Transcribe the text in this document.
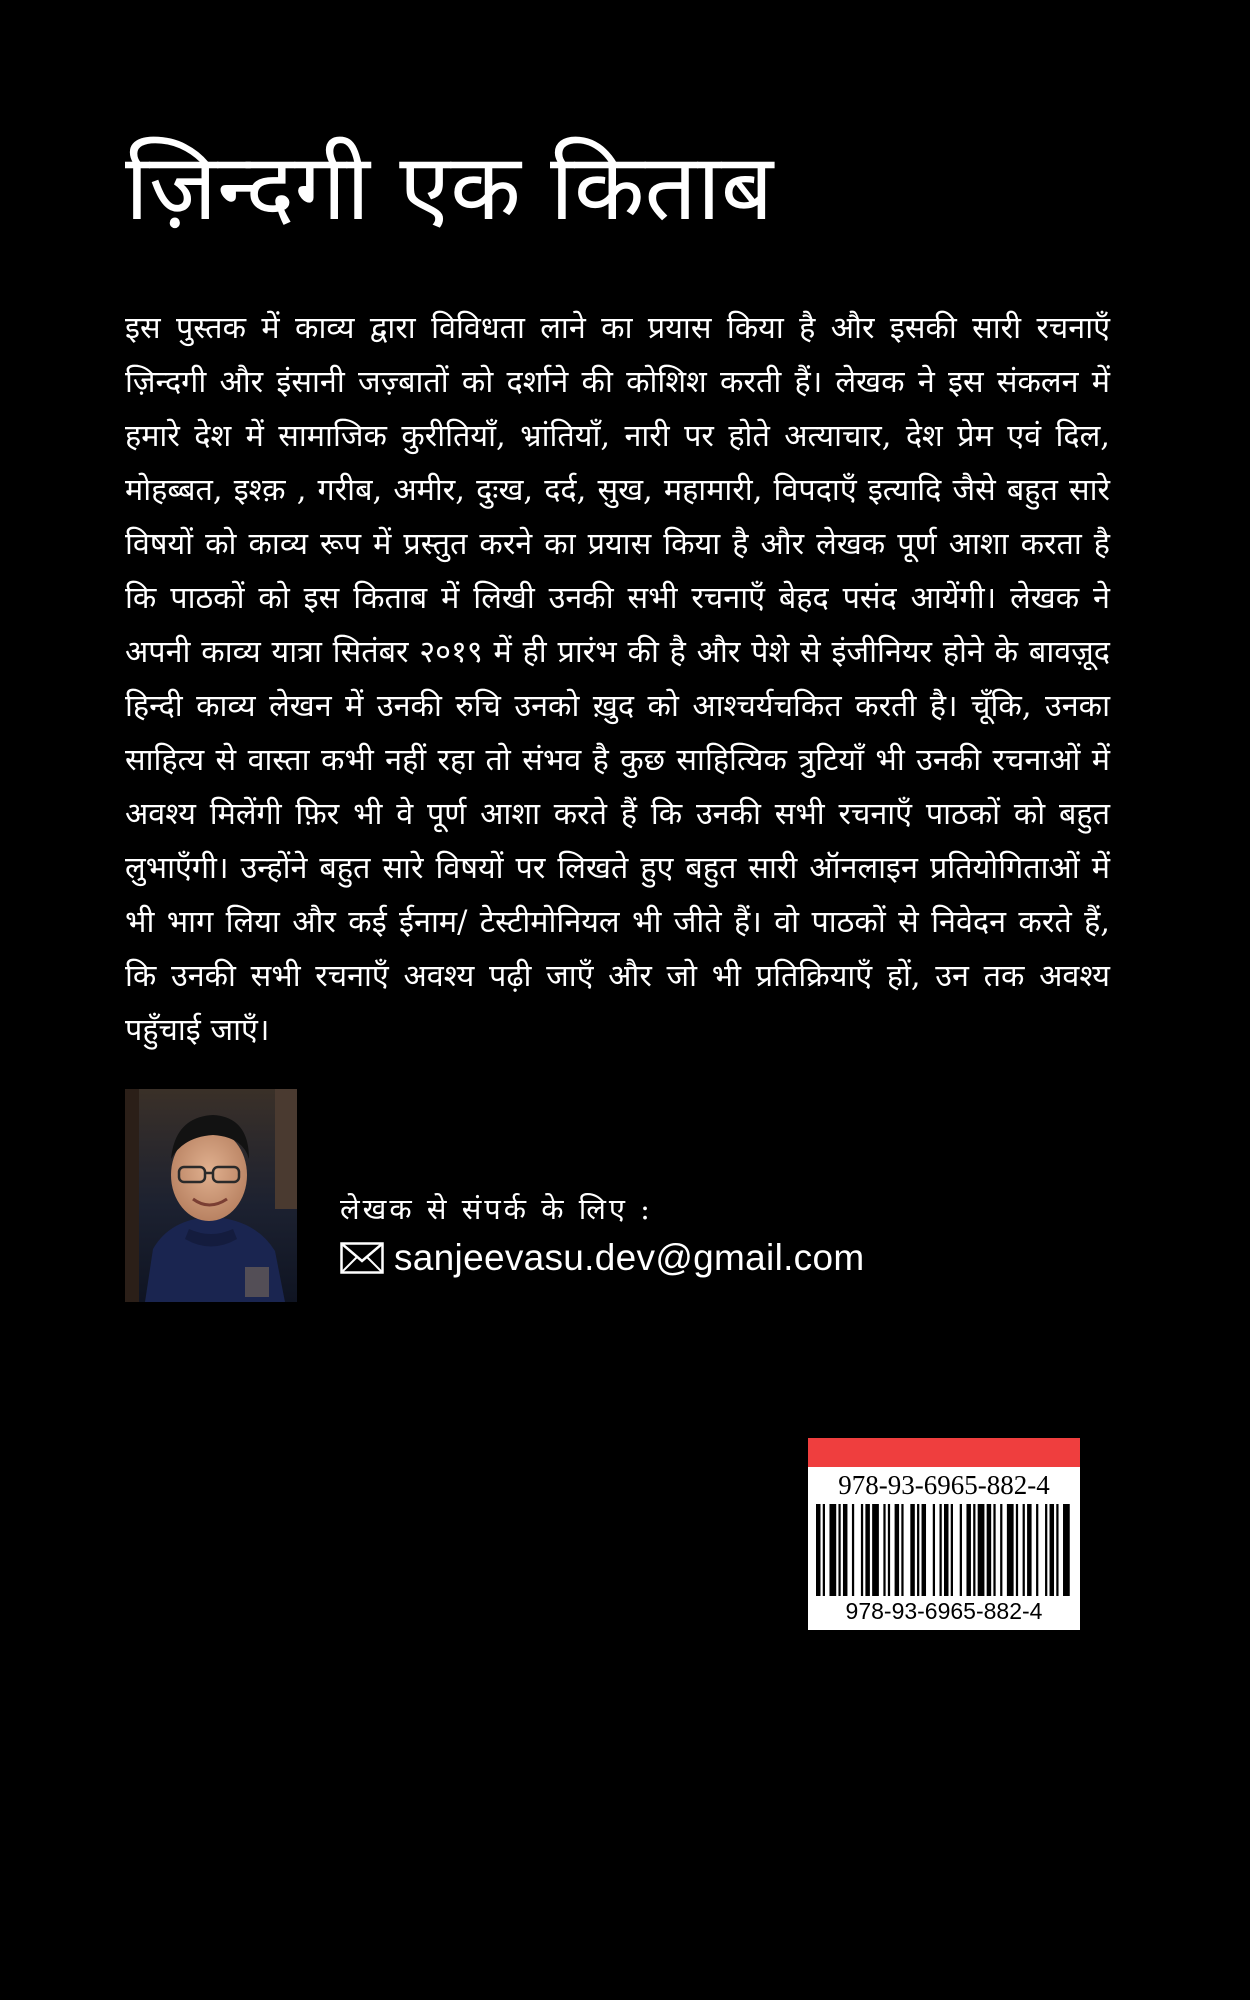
ज़िन्दगी एक किताब

इस पुस्तक में काव्य द्वारा विविधता लाने का प्रयास किया है और इसकी सारी रचनाएँ ज़िन्दगी और इंसानी जज़्बातों को दर्शाने की कोशिश करती हैं। लेखक ने इस संकलन में हमारे देश में सामाजिक कुरीतियाँ, भ्रांतियाँ, नारी पर होते अत्याचार, देश प्रेम एवं दिल, मोहब्बत, इश्क़ , गरीब, अमीर, दुःख, दर्द, सुख, महामारी, विपदाएँ इत्यादि जैसे बहुत सारे विषयों को काव्य रूप में प्रस्तुत करने का प्रयास किया है और लेखक पूर्ण आशा करता है कि पाठकों को इस किताब में लिखी उनकी सभी रचनाएँ बेहद पसंद आयेंगी। लेखक ने अपनी काव्य यात्रा सितंबर २०१९ में ही प्रारंभ की है और पेशे से इंजीनियर होने के बावज़ूद हिन्दी काव्य लेखन में उनकी रुचि उनको ख़ुद को आश्चर्यचकित करती है। चूँकि, उनका साहित्य से वास्ता कभी नहीं रहा तो संभव है कुछ साहित्यिक त्रुटियाँ भी उनकी रचनाओं में अवश्य मिलेंगी फ़िर भी वे पूर्ण आशा करते हैं कि उनकी सभी रचनाएँ पाठकों को बहुत लुभाएँगी। उन्होंने बहुत सारे विषयों पर लिखते हुए बहुत सारी ऑनलाइन प्रतियोगिताओं में भी भाग लिया और कई ईनाम/ टेस्टीमोनियल भी जीते हैं। वो पाठकों से निवेदन करते हैं, कि उनकी सभी रचनाएँ अवश्य पढ़ी जाएँ और जो भी प्रतिक्रियाएँ हों, उन तक अवश्य पहुँचाई जाएँ।

लेखक से संपर्क के लिए :
sanjeevasu.dev@gmail.com
978-93-6965-882-4
978-93-6965-882-4
